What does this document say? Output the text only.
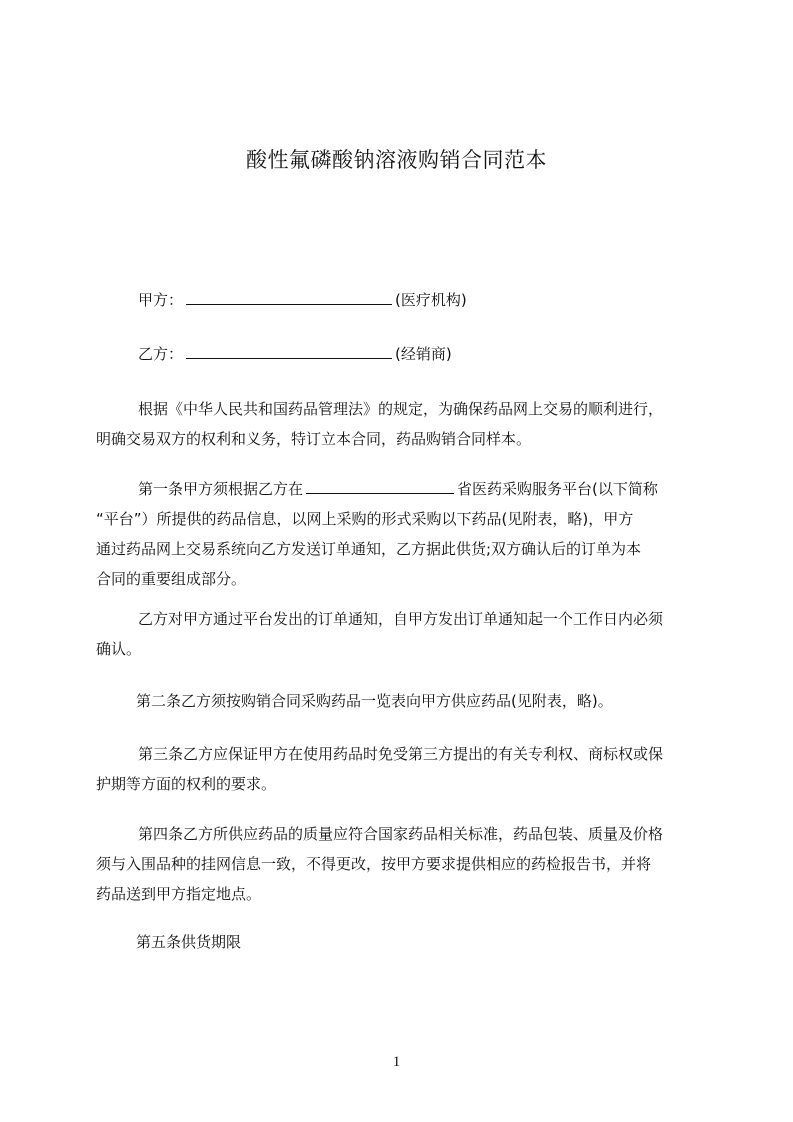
酸性氟磷酸钠溶液购销合同范本

甲方：	(医疗机构)

乙方：	(经销商)

根据《中华人民共和国药品管理法》的规定，为确保药品网上交易的顺利进行，
明确交易双方的权利和义务，特订立本合同，药品购销合同样本。

第一条甲方须根据乙方在	省医药采购服务平台(以下简称
“平台”）所提供的药品信息，以网上采购的形式采购以下药品(见附表，略)，甲方
通过药品网上交易系统向乙方发送订单通知，乙方据此供货;双方确认后的订单为本
合同的重要组成部分。

乙方对甲方通过平台发出的订单通知，自甲方发出订单通知起一个工作日内必须
确认。

第二条乙方须按购销合同采购药品一览表向甲方供应药品(见附表，略)。

第三条乙方应保证甲方在使用药品时免受第三方提出的有关专利权、商标权或保
护期等方面的权利的要求。

第四条乙方所供应药品的质量应符合国家药品相关标准，药品包装、质量及价格
须与入围品种的挂网信息一致，不得更改，按甲方要求提供相应的药检报告书，并将
药品送到甲方指定地点。

第五条供货期限

1
